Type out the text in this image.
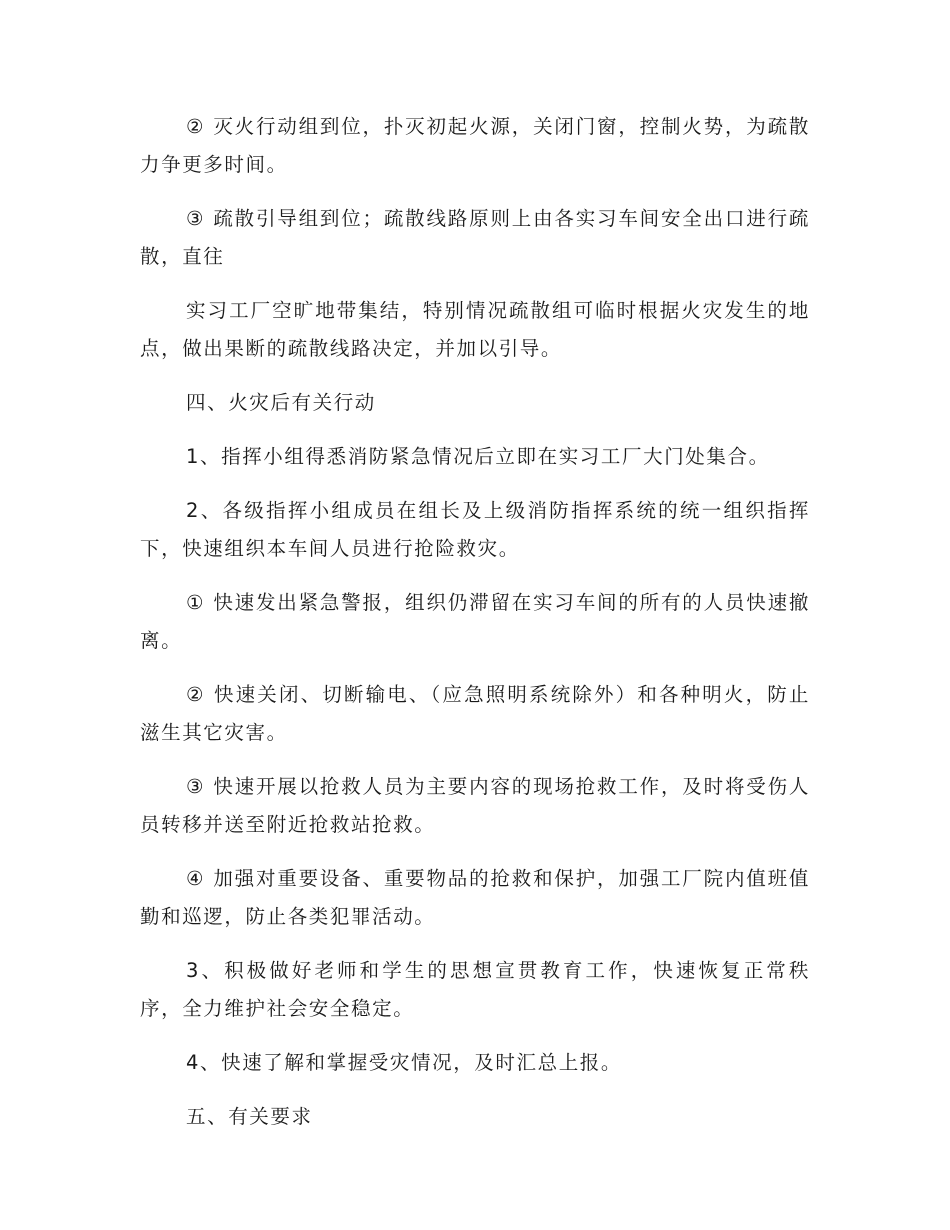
② 灭火行动组到位，扑灭初起火源，关闭门窗，控制火势，为疏散力争更多时间。

③ 疏散引导组到位；疏散线路原则上由各实习车间安全出口进行疏散，直往

实习工厂空旷地带集结，特别情况疏散组可临时根据火灾发生的地点，做出果断的疏散线路决定，并加以引导。

四、火灾后有关行动

1、指挥小组得悉消防紧急情况后立即在实习工厂大门处集合。

2、各级指挥小组成员在组长及上级消防指挥系统的统一组织指挥下，快速组织本车间人员进行抢险救灾。

① 快速发出紧急警报，组织仍滞留在实习车间的所有的人员快速撤离。

② 快速关闭、切断输电、（应急照明系统除外）和各种明火，防止滋生其它灾害。

③ 快速开展以抢救人员为主要内容的现场抢救工作，及时将受伤人员转移并送至附近抢救站抢救。

④ 加强对重要设备、重要物品的抢救和保护，加强工厂院内值班值勤和巡逻，防止各类犯罪活动。

3、积极做好老师和学生的思想宣贯教育工作，快速恢复正常秩序，全力维护社会安全稳定。

4、快速了解和掌握受灾情况，及时汇总上报。

五、有关要求
